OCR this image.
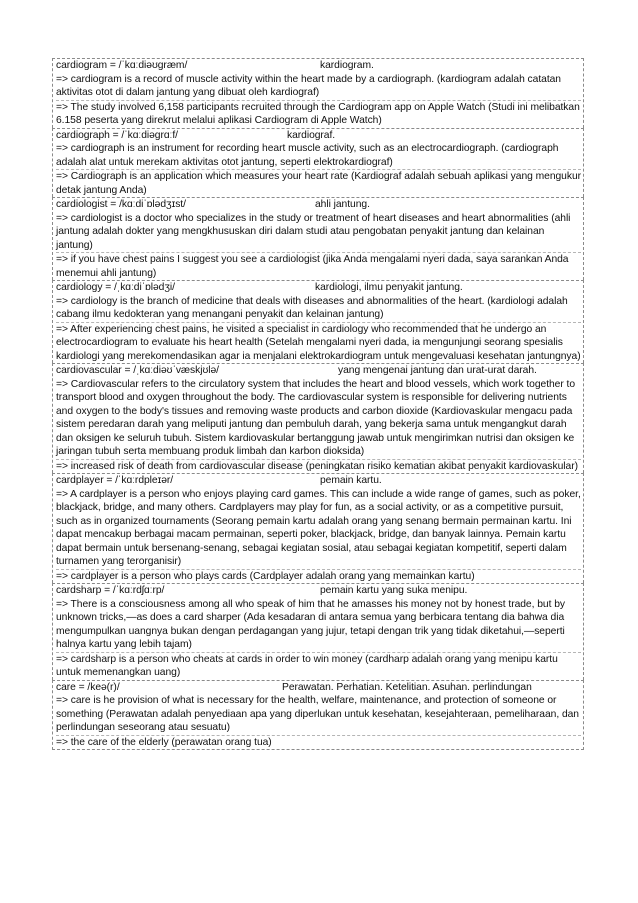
cardiogram = /ˈkɑːdiəʊɡræm/	kardiogram.
=> cardiogram is a record of muscle activity within the heart made by a cardiograph. (kardiogram adalah catatan aktivitas otot di dalam jantung yang dibuat oleh kardiograf)
=> The study involved 6,158 participants recruited through the Cardiogram app on Apple Watch (Studi ini melibatkan 6.158 peserta yang direkrut melalui aplikasi Cardiogram di Apple Watch)
cardiograph = /ˈkɑːdiəɡrɑːf/	kardiograf.
=> cardiograph is an instrument for recording heart muscle activity, such as an electrocardiograph. (cardiograph adalah alat untuk merekam aktivitas otot jantung, seperti elektrokardiograf)
=> Cardiograph is an application which measures your heart rate (Kardiograf adalah sebuah aplikasi yang mengukur detak jantung Anda)
cardiologist = /kɑːdiˈɒlədʒɪst/	ahli jantung.
=> cardiologist is a doctor who specializes in the study or treatment of heart diseases and heart abnormalities (ahli jantung adalah dokter yang mengkhususkan diri dalam studi atau pengobatan penyakit jantung dan kelainan jantung)
=> if you have chest pains I suggest you see a cardiologist (jika Anda mengalami nyeri dada, saya sarankan Anda menemui ahli jantung)
cardiology = /ˌkɑːdiˈɒlədʒi/	kardiologi, ilmu penyakit jantung.
=> cardiology is the branch of medicine that deals with diseases and abnormalities of the heart. (kardiologi adalah cabang ilmu kedokteran yang menangani penyakit dan kelainan jantung)
=> After experiencing chest pains, he visited a specialist in cardiology who recommended that he undergo an electrocardiogram to evaluate his heart health (Setelah mengalami nyeri dada, ia mengunjungi seorang spesialis kardiologi yang merekomendasikan agar ia menjalani elektrokardiogram untuk mengevaluasi kesehatan jantungnya)
cardiovascular = /ˌkɑːdiəʊˈvæskjʊlə/	yang mengenai jantung dan urat-urat darah.
=> Cardiovascular refers to the circulatory system that includes the heart and blood vessels, which work together to transport blood and oxygen throughout the body. The cardiovascular system is responsible for delivering nutrients and oxygen to the body's tissues and removing waste products and carbon dioxide (Kardiovaskular mengacu pada sistem peredaran darah yang meliputi jantung dan pembuluh darah, yang bekerja sama untuk mengangkut darah dan oksigen ke seluruh tubuh. Sistem kardiovaskular bertanggung jawab untuk mengirimkan nutrisi dan oksigen ke jaringan tubuh serta membuang produk limbah dan karbon dioksida)
=> increased risk of death from cardiovascular disease (peningkatan risiko kematian akibat penyakit kardiovaskular)
cardplayer = /ˈkɑːrdpleɪər/	pemain kartu.
=> A cardplayer is a person who enjoys playing card games. This can include a wide range of games, such as poker, blackjack, bridge, and many others. Cardplayers may play for fun, as a social activity, or as a competitive pursuit, such as in organized tournaments (Seorang pemain kartu adalah orang yang senang bermain permainan kartu. Ini dapat mencakup berbagai macam permainan, seperti poker, blackjack, bridge, dan banyak lainnya. Pemain kartu dapat bermain untuk bersenang-senang, sebagai kegiatan sosial, atau sebagai kegiatan kompetitif, seperti dalam turnamen yang terorganisir)
=> cardplayer is a person who plays cards (Cardplayer adalah orang yang memainkan kartu)
cardsharp = /ˈkɑːrdʃɑːrp/	pemain kartu yang suka menipu.
=> There is a consciousness among all who speak of him that he amasses his money not by honest trade, but by unknown tricks,—as does a card sharper (Ada kesadaran di antara semua yang berbicara tentang dia bahwa dia mengumpulkan uangnya bukan dengan perdagangan yang jujur, tetapi dengan trik yang tidak diketahui,—seperti halnya kartu yang lebih tajam)
=> cardsharp is a person who cheats at cards in order to win money (cardharp adalah orang yang menipu kartu untuk memenangkan uang)
care = /keə(r)/	Perawatan. Perhatian. Ketelitian. Asuhan. perlindungan
=> care is he provision of what is necessary for the health, welfare, maintenance, and protection of someone or something (Perawatan adalah penyediaan apa yang diperlukan untuk kesehatan, kesejahteraan, pemeliharaan, dan perlindungan seseorang atau sesuatu)
=> the care of the elderly (perawatan orang tua)
